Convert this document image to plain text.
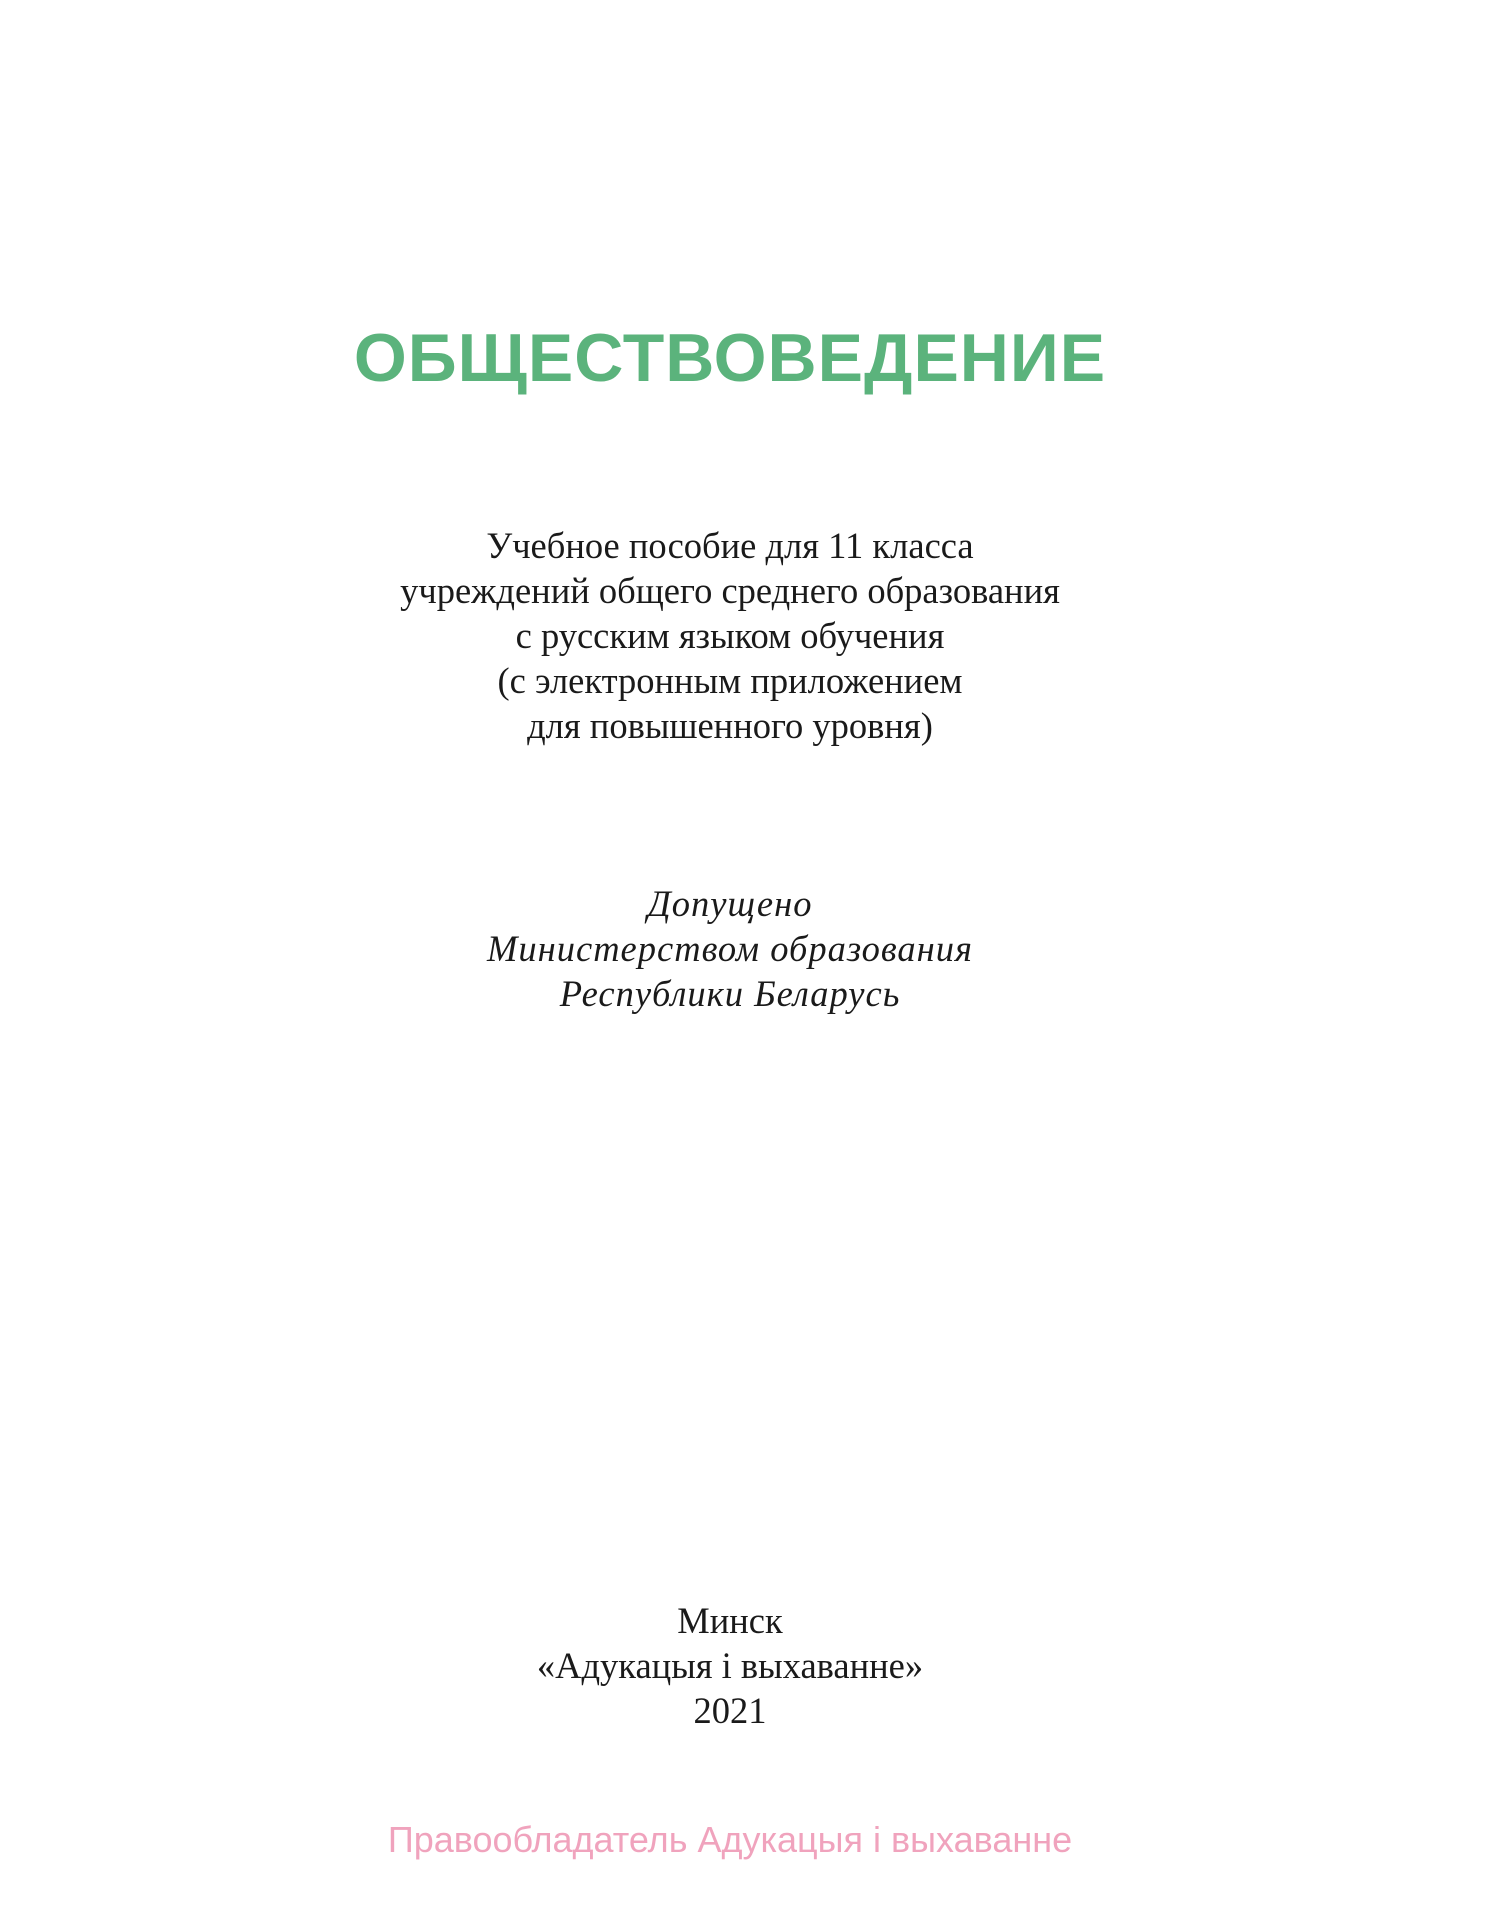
ОБЩЕСТВОВЕДЕНИЕ
Учебное пособие для 11 класса
учреждений общего среднего образования
с русским языком обучения
(с электронным приложением
для повышенного уровня)
Допущено
Министерством образования
Республики Беларусь
Минск
«Адукацыя і выхаванне»
2021
Правообладатель Адукацыя і выхаванне
